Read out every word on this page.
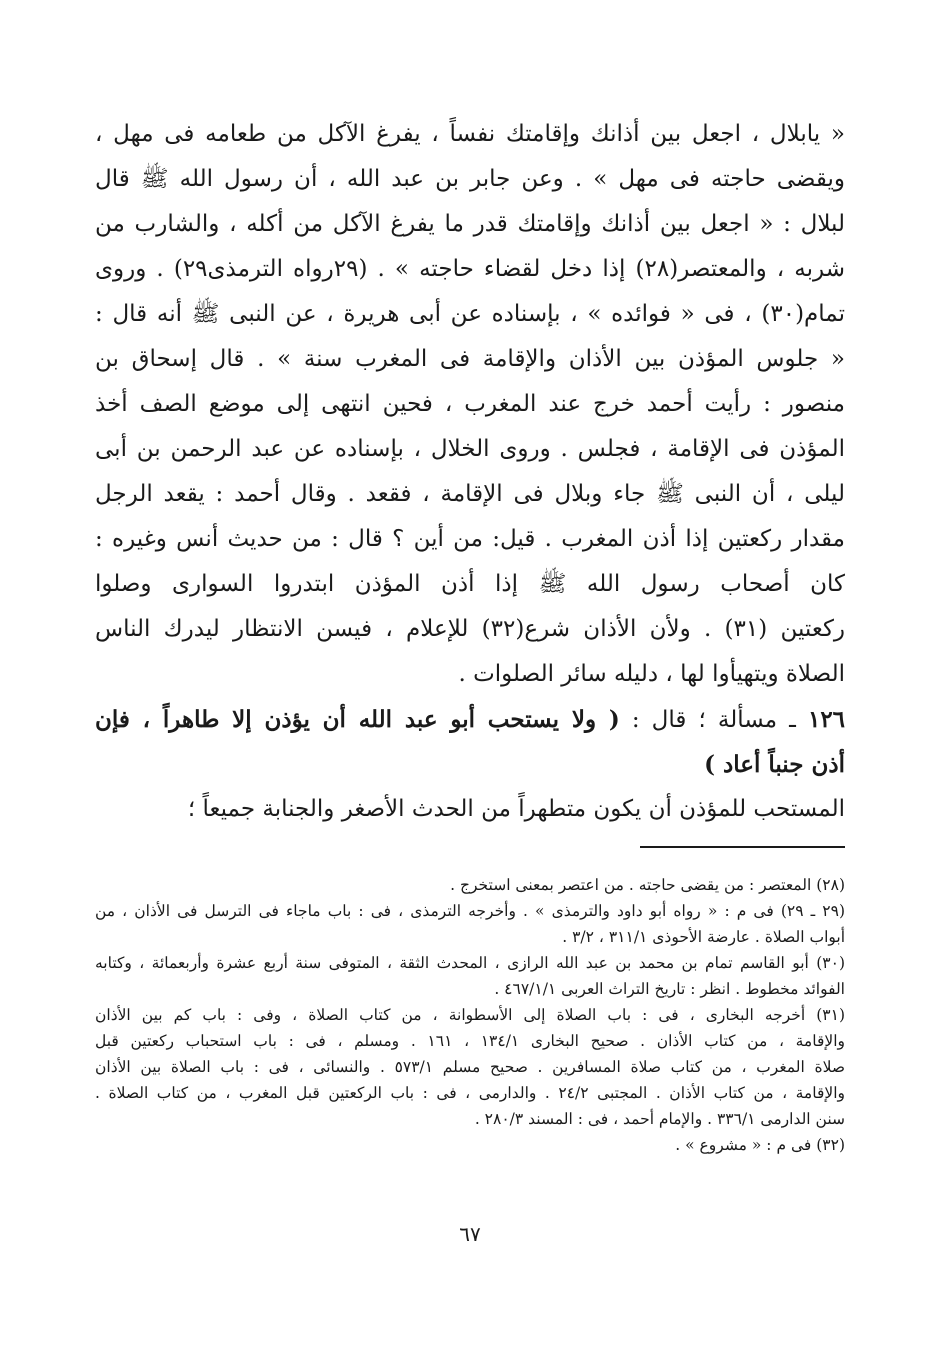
« يابلال ، اجعل بين أذانك وإقامتك نفساً ، يفرغ الآكل من طعامه فى مهل ،
ويقضى حاجته فى مهل » . وعن جابر بن عبد الله ، أن رسول الله ﷺ قال
لبلال : « اجعل بين أذانك وإقامتك قدر ما يفرغ الآكل من أكله ، والشارب من
شربه ، والمعتصر(٢٨) إذا دخل لقضاء حاجته » . (٢٩رواه الترمذى٢٩) . وروى
تمام(٣٠) ، فى « فوائده » ، بإسناده عن أبى هريرة ، عن النبى ﷺ أنه قال :
« جلوس المؤذن بين الأذان والإقامة فى المغرب سنة » . قال إسحاق بن
منصور : رأيت أحمد خرج عند المغرب ، فحين انتهى إلى موضع الصف أخذ
المؤذن فى الإقامة ، فجلس . وروى الخلال ، بإسناده عن عبد الرحمن بن أبى
ليلى ، أن النبى ﷺ جاء وبلال فى الإقامة ، فقعد . وقال أحمد : يقعد الرجل
مقدار ركعتين إذا أذن المغرب . قيل: من أين ؟ قال : من حديث أنس وغيره :
كان أصحاب رسول الله ﷺ إذا أذن المؤذن ابتدروا السوارى وصلوا
ركعتين (٣١) . ولأن الأذان شرع(٣٢) للإعلام ، فيسن الانتظار ليدرك الناس
الصلاة ويتهيأوا لها ، دليله سائر الصلوات .
١٢٦ ـ مسألة ؛ قال : ( ولا يستحب أبو عبد الله أن يؤذن إلا طاهراً ، فإن
أذن جنباً أعاد )
المستحب للمؤذن أن يكون متطهراً من الحدث الأصغر والجنابة جميعاً ؛
(٢٨) المعتصر : من يقضى حاجته . من اعتصر بمعنى استخرج .
(٢٩ ـ ٢٩) فى م : « رواه أبو داود والترمذى » . وأخرجه الترمذى ، فى : باب ماجاء فى الترسل فى الأذان ، من
أبواب الصلاة . عارضة الأحوذى ٣١١/١ ، ٣/٢ .
(٣٠) أبو القاسم تمام بن محمد بن عبد الله الرازى ، المحدث الثقة ، المتوفى سنة أربع عشرة وأربعمائة ، وكتابه
الفوائد مخطوط . انظر : تاريخ التراث العربى ٤٦٧/١/١ .
(٣١) أخرجه البخارى ، فى : باب الصلاة إلى الأسطوانة ، من كتاب الصلاة ، وفى : باب كم بين الأذان
والإقامة ، من كتاب الأذان . صحيح البخارى ١٣٤/١ ، ١٦١ . ومسلم ، فى : باب استحباب ركعتين قبل
صلاة المغرب ، من كتاب صلاة المسافرين . صحيح مسلم ٥٧٣/١ . والنسائى ، فى : باب الصلاة بين الأذان
والإقامة ، من كتاب الأذان . المجتبى ٢٤/٢ . والدارمى ، فى : باب الركعتين قبل المغرب ، من كتاب الصلاة .
سنن الدارمى ٣٣٦/١ . والإمام أحمد ، فى : المسند ٢٨٠/٣ .
(٣٢) فى م : « مشروع » .
٦٧
